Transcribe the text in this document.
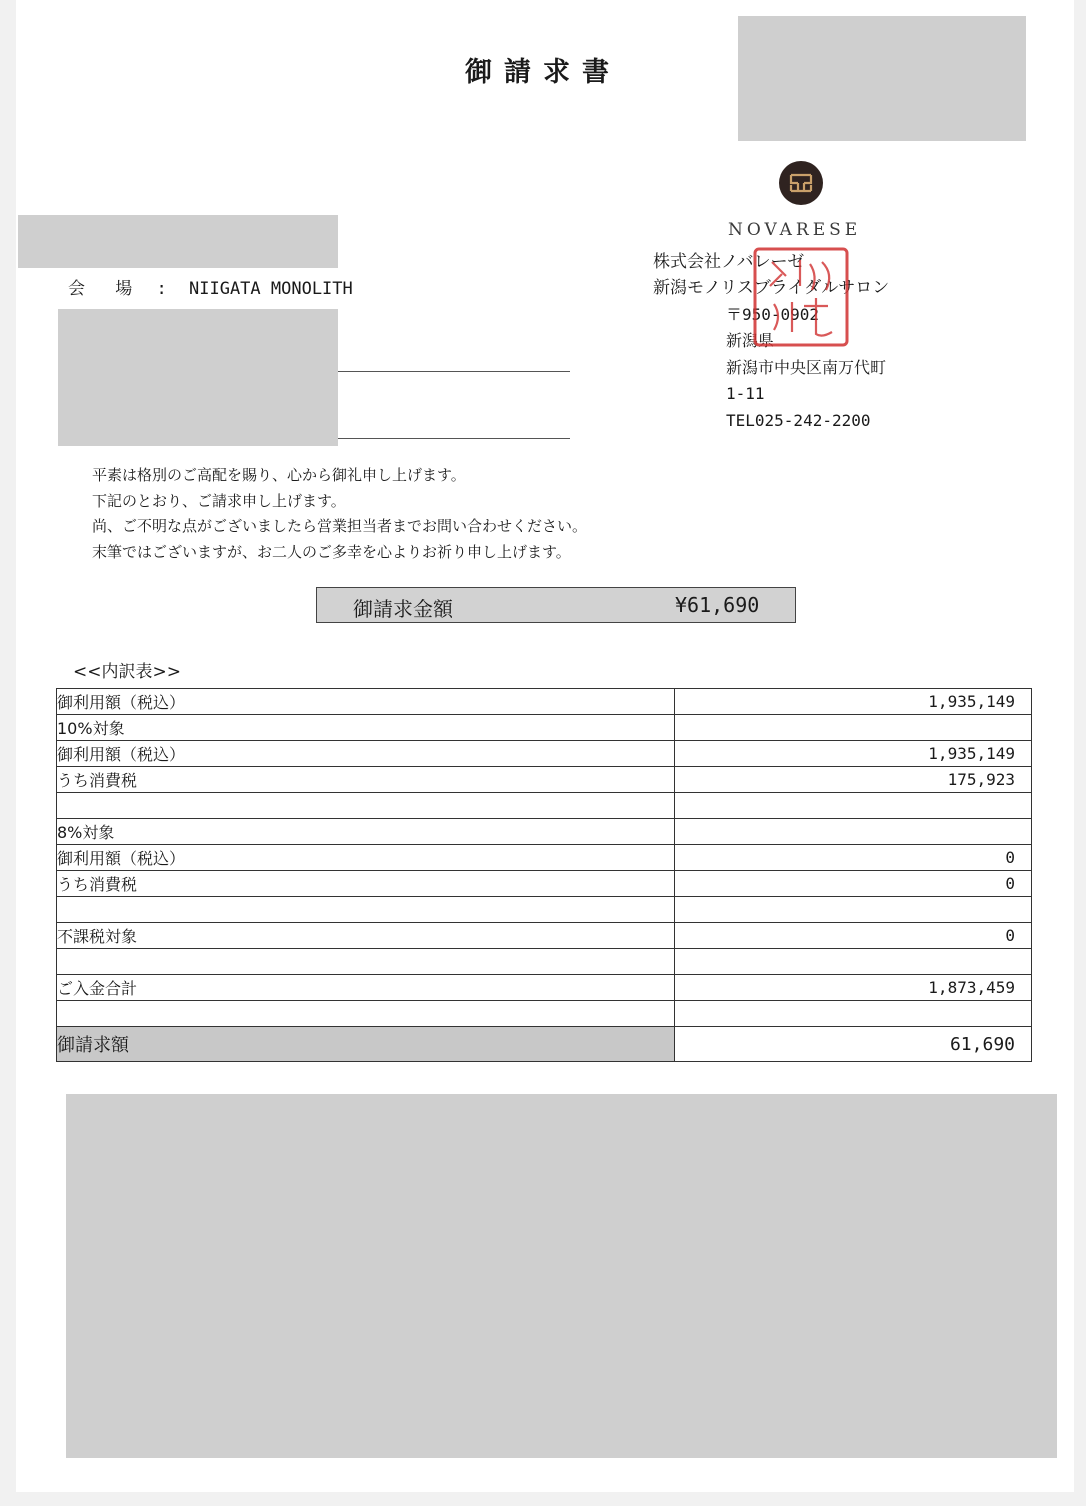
御請求書
会 場 : NIIGATA MONOLITH
NOVARESE
株式会社ノバレーゼ
新潟モノリスブライダルサロン
〒950-0902
新潟県
新潟市中央区南万代町
1-11
TEL025-242-2200
平素は格別のご高配を賜り、心から御礼申し上げます。
下記のとおり、ご請求申し上げます。
尚、ご不明な点がございましたら営業担当者までお問い合わせください。
末筆ではございますが、お二人のご多幸を心よりお祈り申し上げます。
御請求金額	¥61,690
<<内訳表>>
御利用額（税込）	1,935,149
10%対象	
御利用額（税込）	1,935,149
うち消費税	175,923

8%対象	
御利用額（税込）	0
うち消費税	0

不課税対象	0

ご入金合計	1,873,459

御請求額	61,690
